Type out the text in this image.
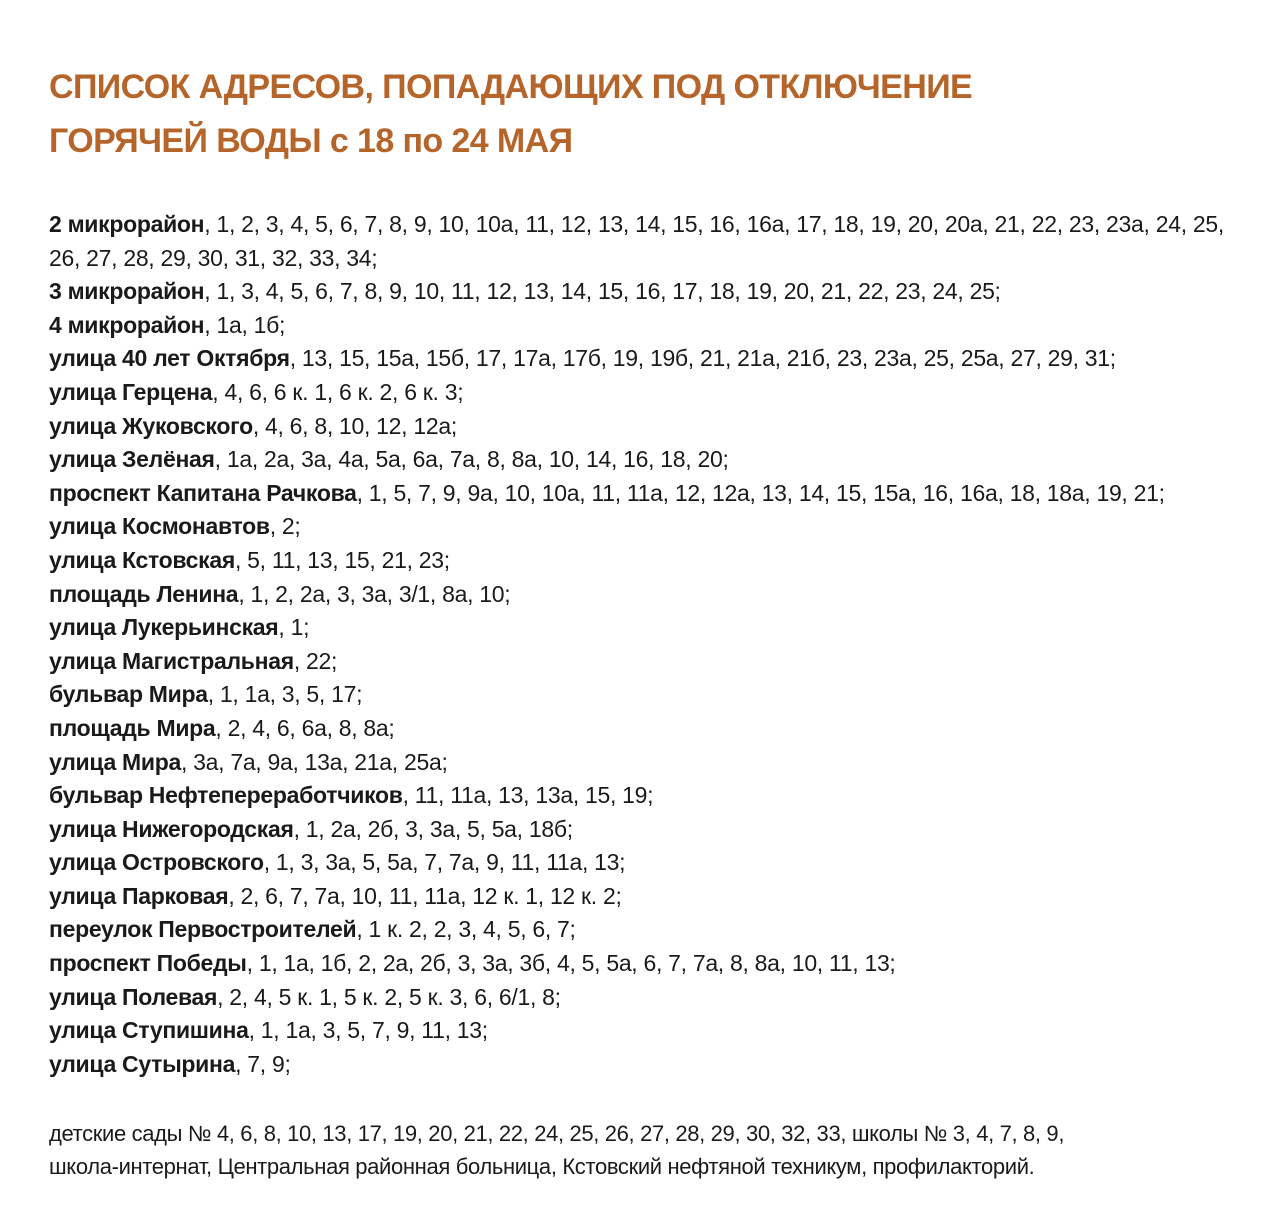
СПИСОК АДРЕСОВ, ПОПАДАЮЩИХ ПОД ОТКЛЮЧЕНИЕ
ГОРЯЧЕЙ ВОДЫ с 18 по 24 МАЯ
2 микрорайон, 1, 2, 3, 4, 5, 6, 7, 8, 9, 10, 10а, 11, 12, 13, 14, 15, 16, 16а, 17, 18, 19, 20, 20а, 21, 22, 23, 23а, 24, 25, 26, 27, 28, 29, 30, 31, 32, 33, 34;
3 микрорайон, 1, 3, 4, 5, 6, 7, 8, 9, 10, 11, 12, 13, 14, 15, 16, 17, 18, 19, 20, 21, 22, 23, 24, 25;
4 микрорайон, 1а, 1б;
улица 40 лет Октября, 13, 15, 15а, 15б, 17, 17а, 17б, 19, 19б, 21, 21а, 21б, 23, 23а, 25, 25а, 27, 29, 31;
улица Герцена, 4, 6, 6 к. 1, 6 к. 2, 6 к. 3;
улица Жуковского, 4, 6, 8, 10, 12, 12а;
улица Зелёная, 1а, 2а, 3а, 4а, 5а, 6а, 7а, 8, 8а, 10, 14, 16, 18, 20;
проспект Капитана Рачкова, 1, 5, 7, 9, 9а, 10, 10а, 11, 11а, 12, 12а, 13, 14, 15, 15а, 16, 16а, 18, 18а, 19, 21;
улица Космонавтов, 2;
улица Кстовская, 5, 11, 13, 15, 21, 23;
площадь Ленина, 1, 2, 2а, 3, 3а, 3/1, 8а, 10;
улица Лукерьинская, 1;
улица Магистральная, 22;
бульвар Мира, 1, 1а, 3, 5, 17;
площадь Мира, 2, 4, 6, 6а, 8, 8а;
улица Мира, 3а, 7а, 9а, 13а, 21а, 25а;
бульвар Нефтепереработчиков, 11, 11а, 13, 13а, 15, 19;
улица Нижегородская, 1, 2а, 2б, 3, 3а, 5, 5а, 18б;
улица Островского, 1, 3, 3а, 5, 5а, 7, 7а, 9, 11, 11а, 13;
улица Парковая, 2, 6, 7, 7а, 10, 11, 11а, 12 к. 1, 12 к. 2;
переулок Первостроителей, 1 к. 2, 2, 3, 4, 5, 6, 7;
проспект Победы, 1, 1а, 1б, 2, 2а, 2б, 3, 3а, 3б, 4, 5, 5а, 6, 7, 7а, 8, 8а, 10, 11, 13;
улица Полевая, 2, 4, 5 к. 1, 5 к. 2, 5 к. 3, 6, 6/1, 8;
улица Ступишина, 1, 1а, 3, 5, 7, 9, 11, 13;
улица Сутырина, 7, 9;
детские сады № 4, 6, 8, 10, 13, 17, 19, 20, 21, 22, 24, 25, 26, 27, 28, 29, 30, 32, 33, школы № 3, 4, 7, 8, 9,
школа-интернат, Центральная районная больница, Кстовский нефтяной техникум, профилакторий.
